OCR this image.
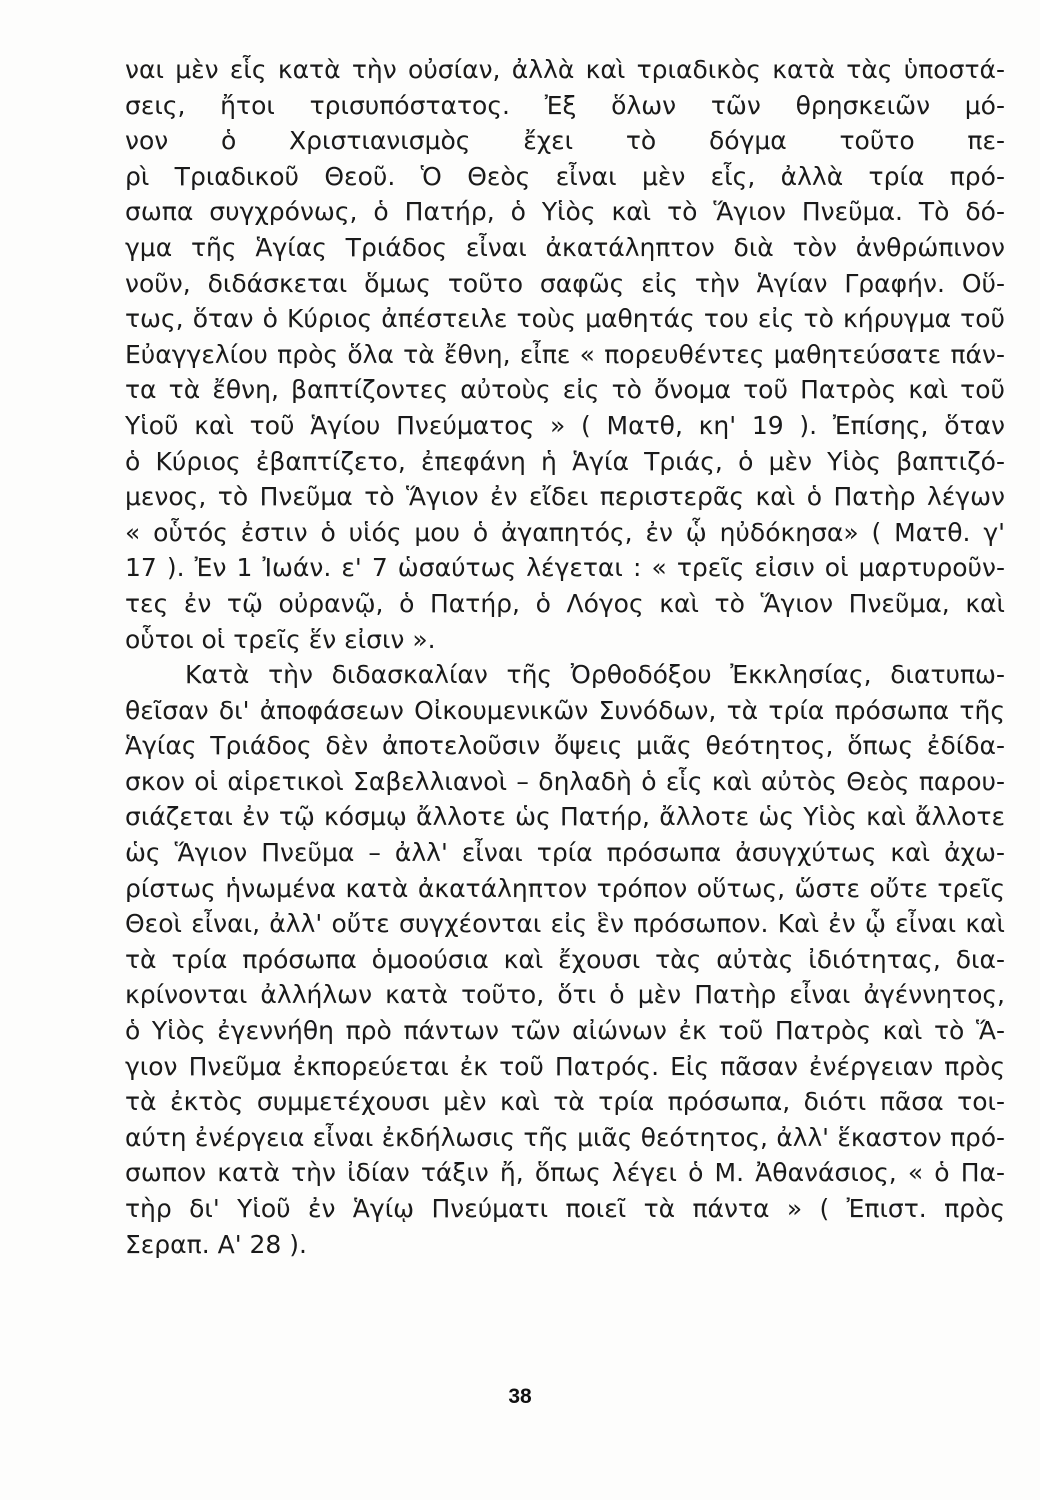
ναι μὲν εἷς κατὰ τὴν οὐσίαν, ἀλλὰ καὶ τριαδικὸς κατὰ τὰς ὑποστά-
σεις, ἤτοι τρισυπόστατος. Ἐξ ὅλων τῶν θρησκειῶν μό-
νον ὁ Χριστιανισμὸς ἔχει τὸ δόγμα τοῦτο πε-
ρὶ Τριαδικοῦ Θεοῦ. Ὁ Θεὸς εἶναι μὲν εἷς, ἀλλὰ τρία πρό-
σωπα συγχρόνως, ὁ Πατήρ, ὁ Υἱὸς καὶ τὸ Ἅγιον Πνεῦμα. Τὸ δό-
γμα τῆς Ἁγίας Τριάδος εἶναι ἀκατάληπτον διὰ τὸν ἀνθρώπινον
νοῦν, διδάσκεται ὅμως τοῦτο σαφῶς εἰς τὴν Ἁγίαν Γραφήν. Οὕ-
τως, ὅταν ὁ Κύριος ἀπέστειλε τοὺς μαθητάς του εἰς τὸ κήρυγμα τοῦ
Εὐαγγελίου πρὸς ὅλα τὰ ἔθνη, εἶπε « πορευθέντες μαθητεύσατε πάν-
τα τὰ ἔθνη, βαπτίζοντες αὐτοὺς εἰς τὸ ὄνομα τοῦ Πατρὸς καὶ τοῦ
Υἱοῦ καὶ τοῦ Ἁγίου Πνεύματος » ( Ματθ, κη' 19 ). Ἐπίσης, ὅταν
ὁ Κύριος ἐβαπτίζετο, ἐπεφάνη ἡ Ἁγία Τριάς, ὁ μὲν Υἱὸς βαπτιζό-
μενος, τὸ Πνεῦμα τὸ Ἅγιον ἐν εἴδει περιστερᾶς καὶ ὁ Πατὴρ λέγων
« οὗτός ἐστιν ὁ υἱός μου ὁ ἀγαπητός, ἐν ᾧ ηὐδόκησα» ( Ματθ. γ'
17 ). Ἐν 1 Ἰωάν. ε' 7 ὡσαύτως λέγεται : « τρεῖς εἰσιν οἱ μαρτυροῦν-
τες ἐν τῷ οὐρανῷ, ὁ Πατήρ, ὁ Λόγος καὶ τὸ Ἅγιον Πνεῦμα, καὶ
οὗτοι οἱ τρεῖς ἕν εἰσιν ».
Κατὰ τὴν διδασκαλίαν τῆς Ὀρθοδόξου Ἐκκλησίας, διατυπω-
θεῖσαν δι' ἀποφάσεων Οἰκουμενικῶν Συνόδων, τὰ τρία πρόσωπα τῆς
Ἁγίας Τριάδος δὲν ἀποτελοῦσιν ὄψεις μιᾶς θεότητος, ὅπως ἐδίδα-
σκον οἱ αἱρετικοὶ Σαβελλιανοὶ – δηλαδὴ ὁ εἷς καὶ αὐτὸς Θεὸς παρου-
σιάζεται ἐν τῷ κόσμῳ ἄλλοτε ὡς Πατήρ, ἄλλοτε ὡς Υἱὸς καὶ ἄλλοτε
ὡς Ἅγιον Πνεῦμα – ἀλλ' εἶναι τρία πρόσωπα ἀσυγχύτως καὶ ἀχω-
ρίστως ἡνωμένα κατὰ ἀκατάληπτον τρόπον οὕτως, ὥστε οὔτε τρεῖς
Θεοὶ εἶναι, ἀλλ' οὔτε συγχέονται εἰς ἓν πρόσωπον. Καὶ ἐν ᾧ εἶναι καὶ
τὰ τρία πρόσωπα ὁμοούσια καὶ ἔχουσι τὰς αὐτὰς ἰδιότητας, δια-
κρίνονται ἀλλήλων κατὰ τοῦτο, ὅτι ὁ μὲν Πατὴρ εἶναι ἀγέννητος,
ὁ Υἱὸς ἐγεννήθη πρὸ πάντων τῶν αἰώνων ἐκ τοῦ Πατρὸς καὶ τὸ Ἅ-
γιον Πνεῦμα ἐκπορεύεται ἐκ τοῦ Πατρός. Εἰς πᾶσαν ἐνέργειαν πρὸς
τὰ ἐκτὸς συμμετέχουσι μὲν καὶ τὰ τρία πρόσωπα, διότι πᾶσα τοι-
αύτη ἐνέργεια εἶναι ἐκδήλωσις τῆς μιᾶς θεότητος, ἀλλ' ἕκαστον πρό-
σωπον κατὰ τὴν ἰδίαν τάξιν ἤ, ὅπως λέγει ὁ Μ. Ἀθανάσιος, « ὁ Πα-
τὴρ δι' Υἱοῦ ἐν Ἁγίῳ Πνεύματι ποιεῖ τὰ πάντα » ( Ἐπιστ. πρὸς
Σεραπ. Α' 28 ).
38
